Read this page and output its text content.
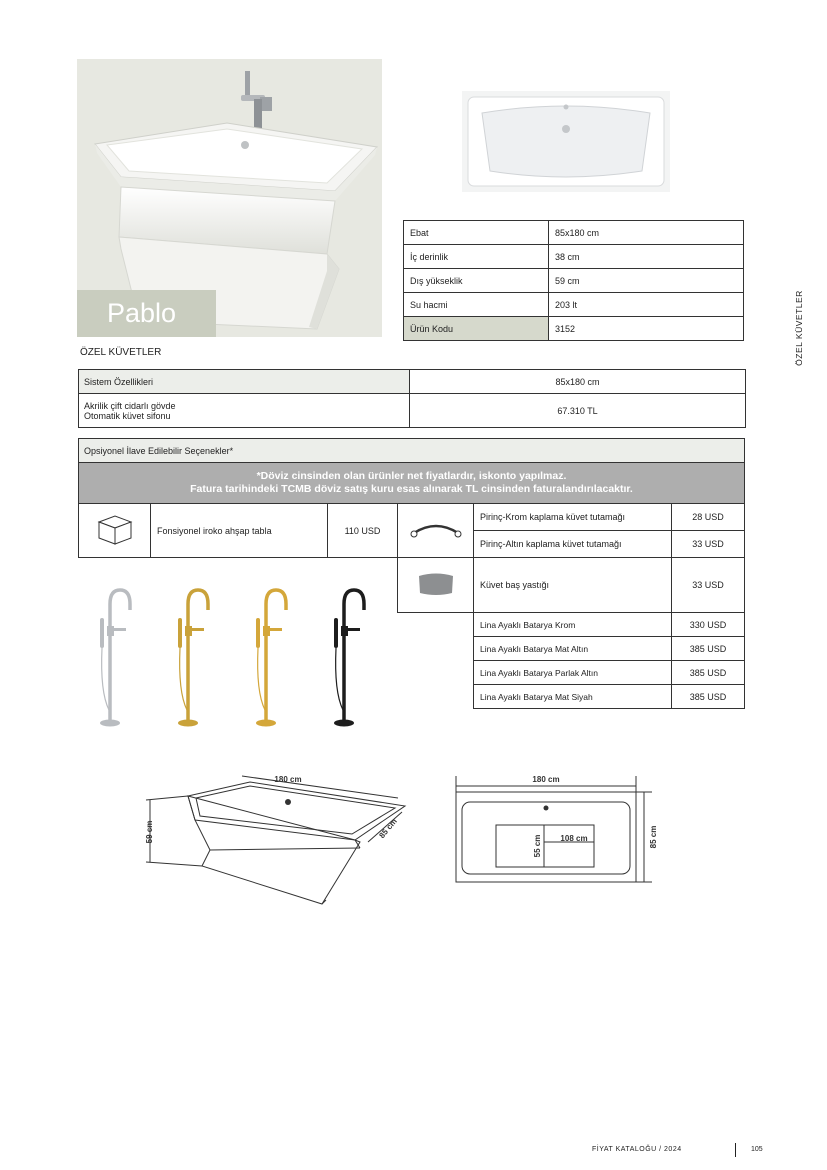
Pablo
Ebat	85x180 cm
İç derinlik	38 cm
Dış yükseklik	59 cm
Su hacmi	203 lt
Ürün Kodu	3152	ÖZEL KÜVETLER
ÖZEL KÜVETLER
Sistem Özellikleri	85x180 cm

Akrilik çift cidarlı gövde
Otomatik küvet sifonu	67.310 TL
Opsiyonel İlave Edilebilir Seçenekler*
*Döviz cinsinden olan ürünler net fiyatlardır, iskonto yapılmaz.
Fatura tarihindeki TCMB döviz satış kuru esas alınarak TL cinsinden faturalandırılacaktır.
	Fonsiyonel iroko ahşap tabla	110 USD
	Pirinç-Krom kaplama küvet tutamağı	28 USD
	Pirinç-Altın kaplama küvet tutamağı	33 USD
	Küvet baş yastığı	33 USD
Lina Ayaklı Batarya Krom	330 USD
Lina Ayaklı Batarya Mat Altın	385 USD
Lina Ayaklı Batarya Parlak Altın	385 USD
Lina Ayaklı Batarya Mat Siyah	385 USD
180 cm
59 cm	85 cm
180 cm
85 cm
108 cm
55 cm
FİYAT KATALOĞU / 2024	105
